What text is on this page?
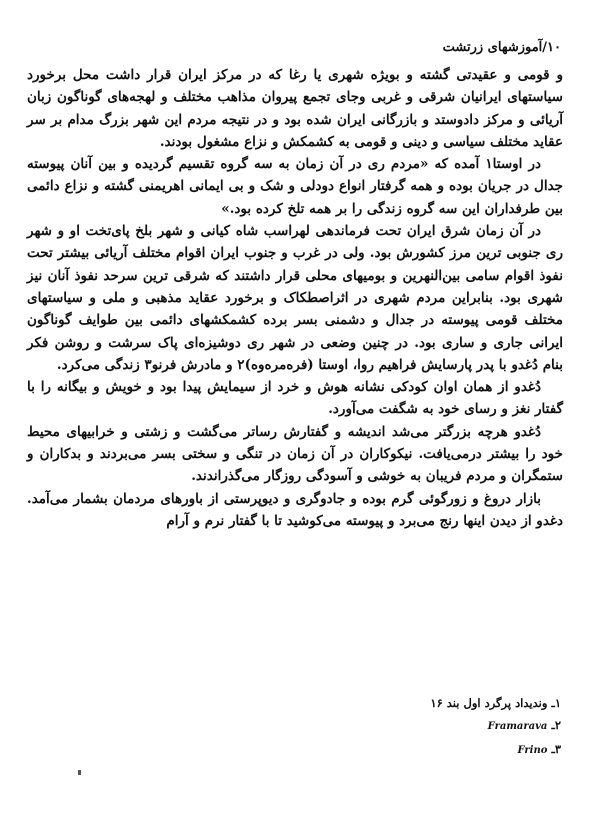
۱۰/آموزشهای زرتشت

و قومی و عقیدتی گشته و بویژه شهری یا رغا که در مرکز ایران قرار داشت محل برخورد سیاستهای ایرانیان شرقی و غربی وجای تجمع پیروان مذاهب مختلف و لهجه‌های گوناگون زبان آریائی و مرکز دادوستد و بازرگانی ایران شده بود و در نتیجه مردم این شهر بزرگ مدام بر سر عقاید مختلف سیاسی و دینی و قومی به کشمکش و نزاع مشغول بودند.

در اوستا۱ آمده که «مردم ری در آن زمان به سه گروه تقسیم گردیده و بین آنان پیوسته جدال در جریان بوده و همه گرفتار انواع دودلی و شک و بی ایمانی اهریمنی گشته و نزاع دائمی بین طرفداران این سه گروه زندگی را بر همه تلخ کرده بود.»

در آن زمان شرق ایران تحت فرماندهی لهراسب شاه کیانی و شهر بلخ پای‌تخت او و شهر ری جنوبی ترین مرز کشورش بود. ولی در غرب و جنوب ایران اقوام مختلف آریائی بیشتر تحت نفوذ اقوام سامی بین‌النهرین و بومیهای محلی قرار داشتند که شرقی ترین سرحد نفوذ آنان نیز شهری بود. بنابراین مردم شهری در اثراصطکاک و برخورد عقاید مذهبی و ملی و سیاستهای مختلف قومی پیوسته در جدال و دشمنی بسر برده کشمکشهای دائمی بین طوایف گوناگون ایرانی جاری و ساری بود. در چنین وضعی در شهر ری دوشیزه‌ای پاک سرشت و روشن فکر بنام دُغدو با پدر پارسایش فراهیم روا، اوستا (فره‌مره‌وه)۲ و مادرش فرنو۳ زندگی می‌کرد.

دُغدو از همان اوان کودکی نشانه هوش و خرد از سیمایش پیدا بود و خویش و بیگانه را با گفتار نغز و رسای خود به شگفت می‌آورد.

دُغدو هرچه بزرگتر می‌شد اندیشه و گفتارش رساتر می‌گشت و زشتی و خرابیهای محیط خود را بیشتر درمی‌یافت. نیکوکاران در آن زمان در تنگی و سختی بسر می‌بردند و بدکاران و ستمگران و مردم فریبان به خوشی و آسودگی روزگار می‌گذراندند.

بازار دروغ و زورگوئی گرم بوده و جادوگری و دیوپرستی از باورهای مردمان بشمار می‌آمد. دغدو از دیدن اینها رنج می‌برد و پیوسته می‌کوشید تا با گفتار نرم و آرام

۱ـ وندیداد پرگرد اول بند ۱۶
۲ـ Framarava
۳ـ Frino
